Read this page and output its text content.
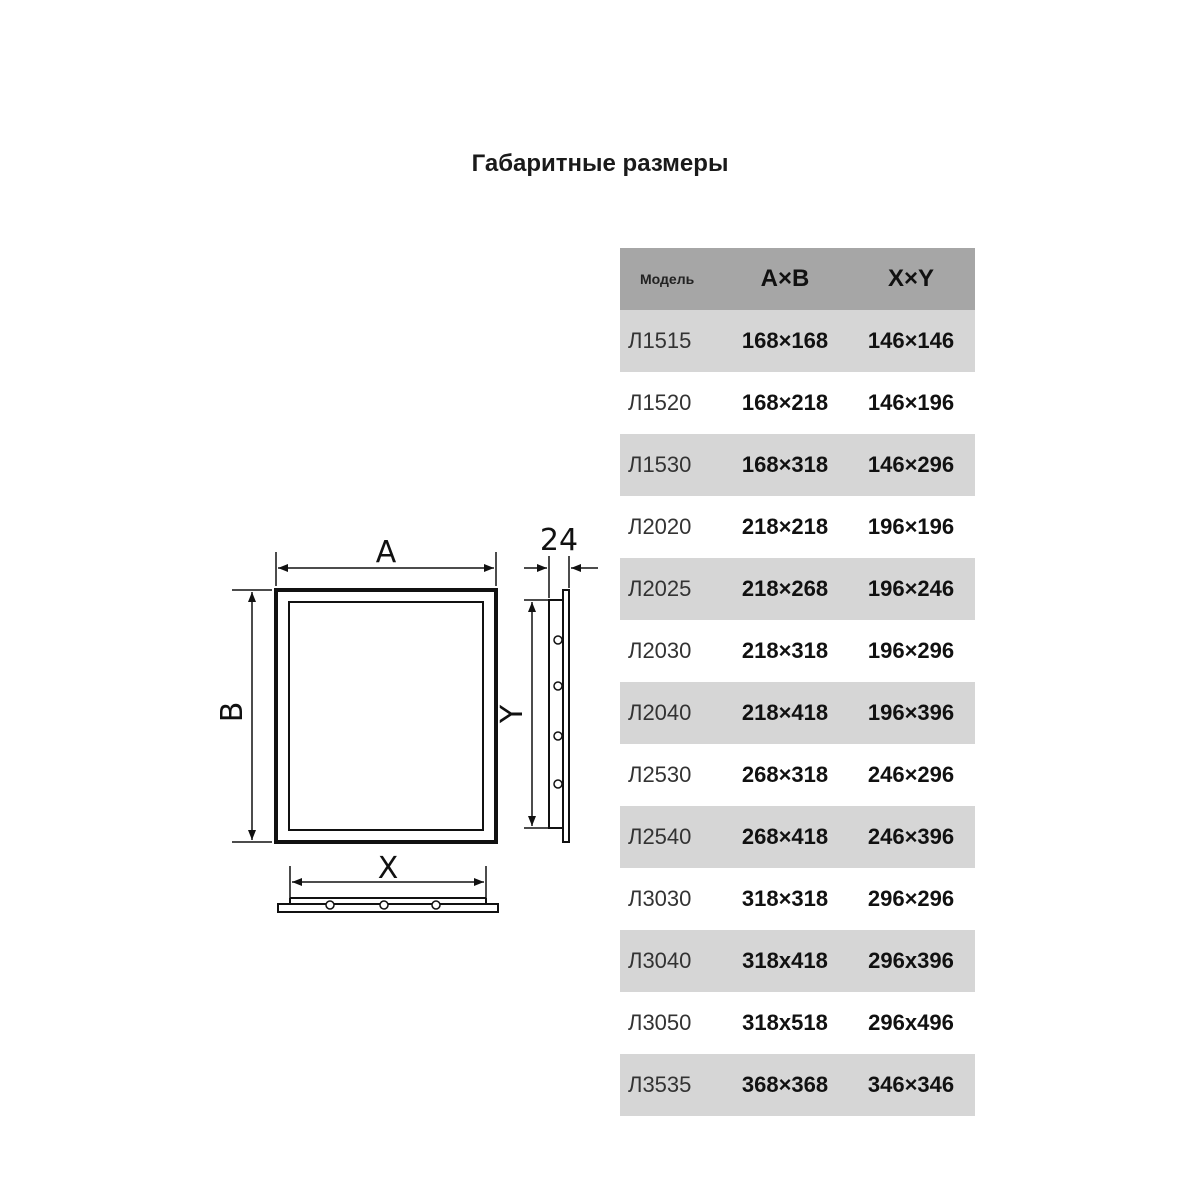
Габаритные размеры
A
B
X
Y
24
Модель	A×B	X×Y
Л1515	168×168	146×146
Л1520	168×218	146×196
Л1530	168×318	146×296
Л2020	218×218	196×196
Л2025	218×268	196×246
Л2030	218×318	196×296
Л2040	218×418	196×396
Л2530	268×318	246×296
Л2540	268×418	246×396
Л3030	318×318	296×296
Л3040	318x418	296x396
Л3050	318x518	296x496
Л3535	368×368	346×346
